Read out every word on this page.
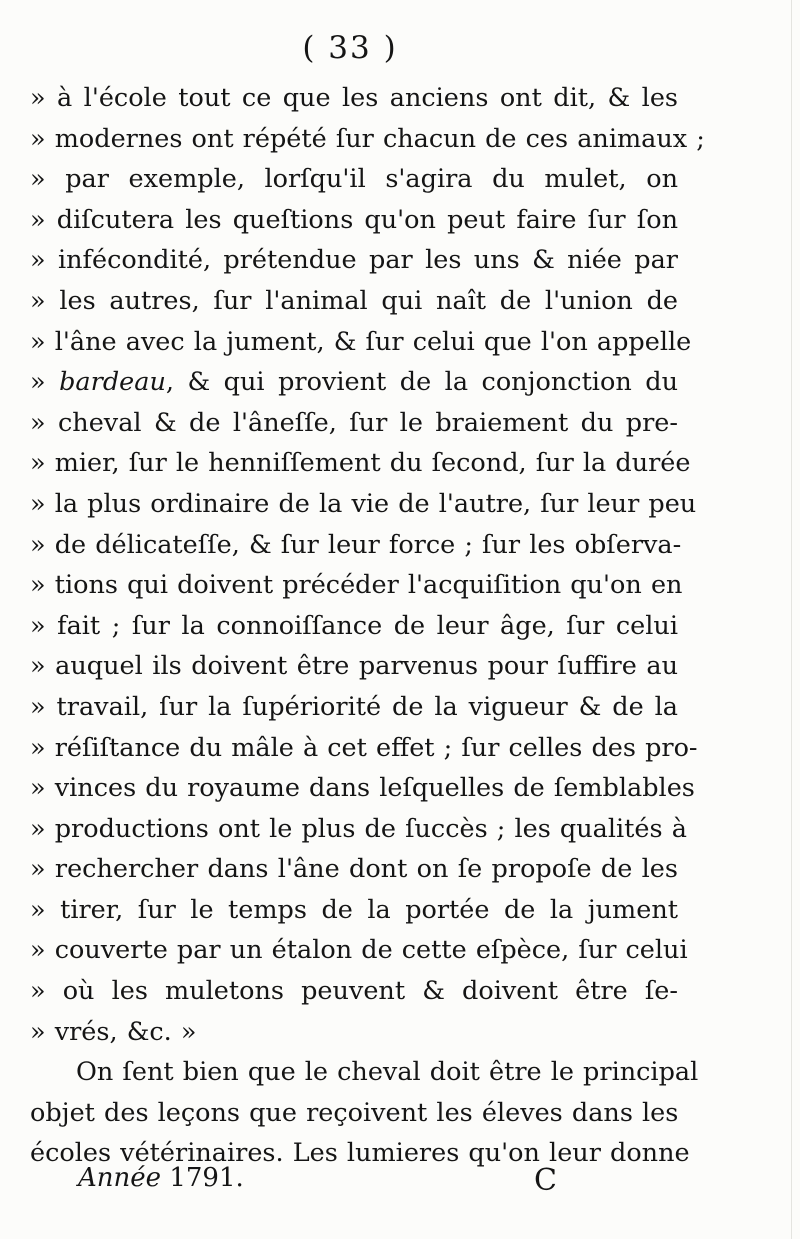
( 33 )
» à l'école tout ce que les anciens ont dit, & les
» modernes ont répété ſur chacun de ces animaux ;
» par exemple, lorſqu'il s'agira du mulet, on
» diſcutera les queſtions qu'on peut faire ſur ſon
» infécondité, prétendue par les uns & niée par
» les autres, ſur l'animal qui naît de l'union de
» l'âne avec la jument, & ſur celui que l'on appelle
» bardeau, & qui provient de la conjonction du
» cheval & de l'âneſſe, ſur le braiement du pre-
» mier, ſur le henniſſement du ſecond, ſur la durée
» la plus ordinaire de la vie de l'autre, ſur leur peu
» de délicateſſe, & ſur leur force ; ſur les obſerva-
» tions qui doivent précéder l'acquiſition qu'on en
» fait ; ſur la connoiſſance de leur âge, ſur celui
» auquel ils doivent être parvenus pour ſuffire au
» travail, ſur la ſupériorité de la vigueur & de la
» réſiſtance du mâle à cet effet ; ſur celles des pro-
» vinces du royaume dans leſquelles de ſemblables
» productions ont le plus de ſuccès ; les qualités à
» rechercher dans l'âne dont on ſe propoſe de les
» tirer, ſur le temps de la portée de la jument
» couverte par un étalon de cette eſpèce, ſur celui
» où les muletons peuvent & doivent être ſe-
» vrés, &c. »
On ſent bien que le cheval doit être le principal
objet des leçons que reçoivent les éleves dans les
écoles vétérinaires. Les lumieres qu'on leur donne
Année 1791.	C
